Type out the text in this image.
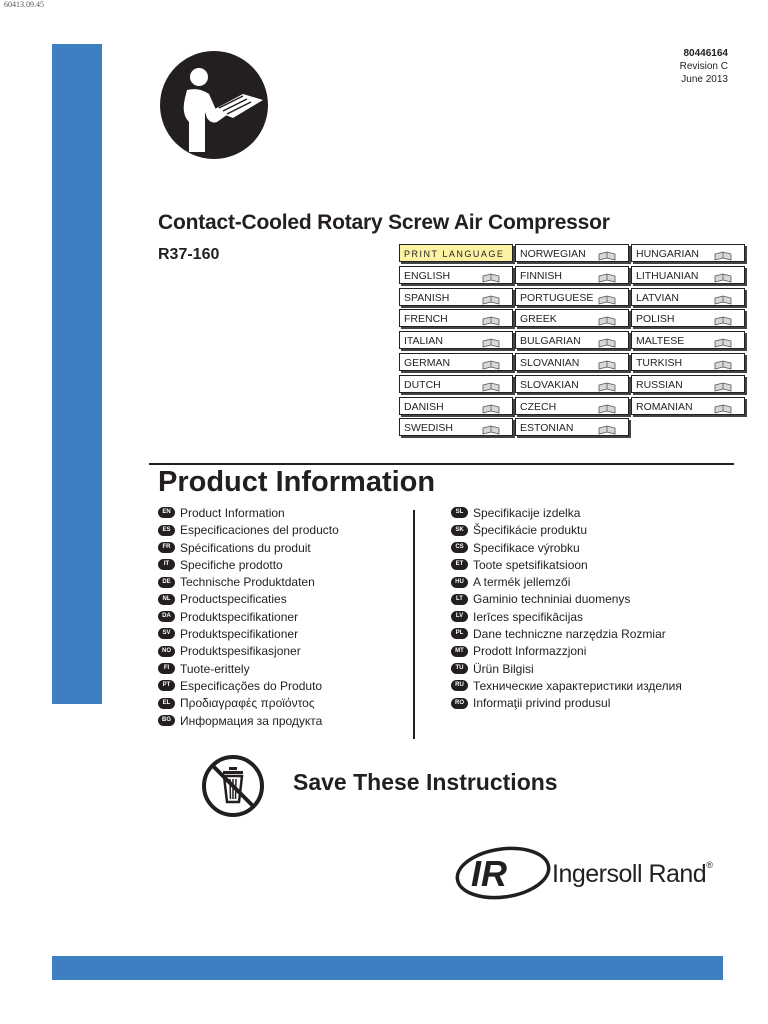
60413.09.45
80446164
Revision C
June 2013
Contact-Cooled Rotary Screw Air Compressor
R37-160	PRINT LANGUAGE
ENGLISH
SPANISH
FRENCH
ITALIAN
GERMAN
DUTCH
DANISH
SWEDISH
NORWEGIAN
FINNISH
PORTUGUESE
GREEK
BULGARIAN
SLOVANIAN
SLOVAKIAN
CZECH
ESTONIAN
HUNGARIAN
LITHUANIAN
LATVIAN
POLISH
MALTESE
TURKISH
RUSSIAN
ROMANIAN
Product Information
EN Product Information
ES Especificaciones del producto
FR Spécifications du produit
IT Specifiche prodotto
DE Technische Produktdaten
NL Productspecificaties
DA Produktspecifikationer
SV Produktspecifikationer
NO Produktspesifikasjoner
FI Tuote-erittely
PT Especificações do Produto
EL Προδιαγραφές προϊόντος
BG Информация за продукта
SL Specifikacije izdelka
SK Špecifikácie produktu
CS Specifikace výrobku
ET Toote spetsifikatsioon
HU A termék jellemzői
LT Gaminio techniniai duomenys
LV Ierīces specifikācijas
PL Dane techniczne narzędzia Rozmiar
MT Prodott Informazzjoni
TU Ürün Bilgisi
RU Технические характеристики изделия
RO Informaţii privind produsul
Save These Instructions
IR Ingersoll Rand®
